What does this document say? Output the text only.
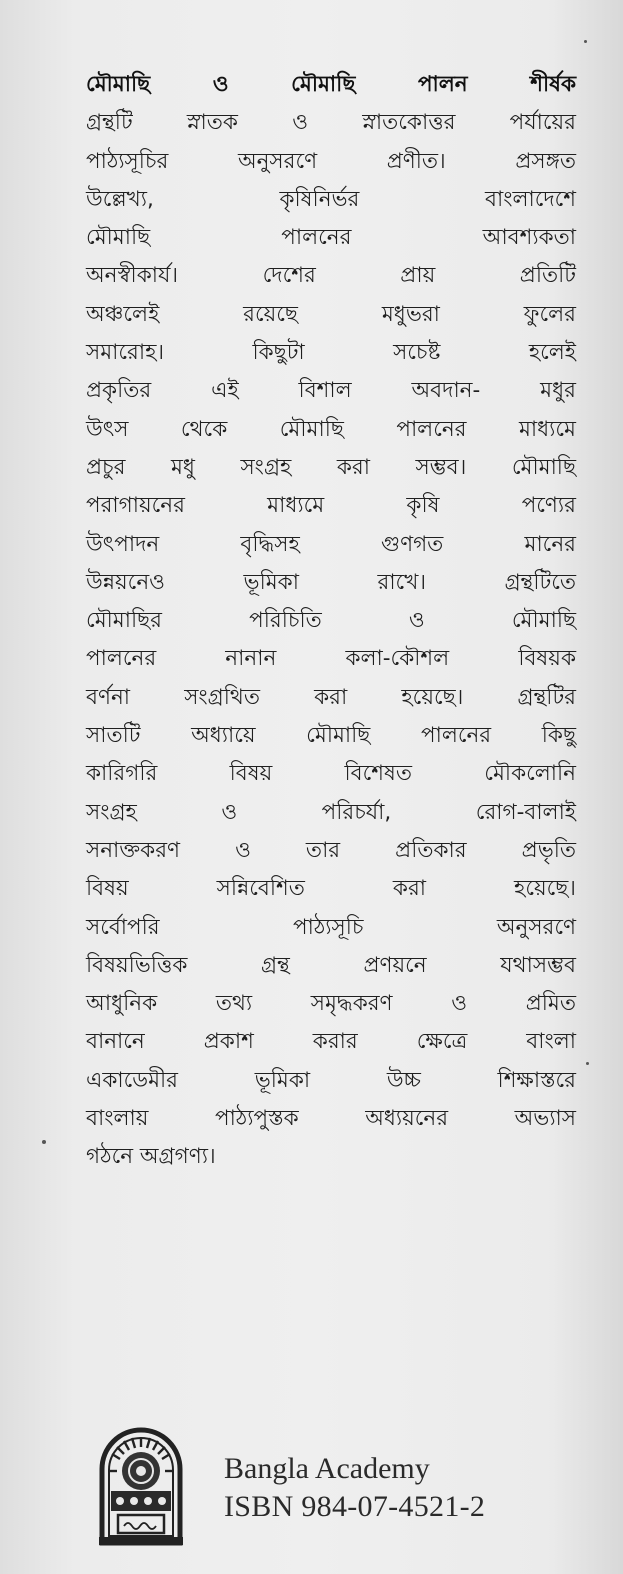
মৌমাছি ও মৌমাছি পালন শীর্ষক
গ্রন্থটি স্নাতক ও স্নাতকোত্তর পর্যায়ের
পাঠ্যসূচির অনুসরণে প্রণীত। প্রসঙ্গত
উল্লেখ্য, কৃষিনির্ভর বাংলাদেশে
মৌমাছি পালনের আবশ্যকতা
অনস্বীকার্য। দেশের প্রায় প্রতিটি
অঞ্চলেই রয়েছে মধুভরা ফুলের
সমারোহ। কিছুটা সচেষ্ট হলেই
প্রকৃতির এই বিশাল অবদান- মধুর
উৎস থেকে মৌমাছি পালনের মাধ্যমে
প্রচুর মধু সংগ্রহ করা সম্ভব। মৌমাছি
পরাগায়নের মাধ্যমে কৃষি পণ্যের
উৎপাদন বৃদ্ধিসহ গুণগত মানের
উন্নয়নেও ভূমিকা রাখে। গ্রন্থটিতে
মৌমাছির পরিচিতি ও মৌমাছি
পালনের নানান কলা-কৌশল বিষয়ক
বর্ণনা সংগ্রথিত করা হয়েছে। গ্রন্থটির
সাতটি অধ্যায়ে মৌমাছি পালনের কিছু
কারিগরি বিষয় বিশেষত মৌকলোনি
সংগ্রহ ও পরিচর্যা, রোগ-বালাই
সনাক্তকরণ ও তার প্রতিকার প্রভৃতি
বিষয় সন্নিবেশিত করা হয়েছে।
সর্বোপরি পাঠ্যসূচি অনুসরণে
বিষয়ভিত্তিক গ্রন্থ প্রণয়নে যথাসম্ভব
আধুনিক তথ্য সমৃদ্ধকরণ ও প্রমিত
বানানে প্রকাশ করার ক্ষেত্রে বাংলা
একাডেমীর ভূমিকা উচ্চ শিক্ষাস্তরে
বাংলায় পাঠ্যপুস্তক অধ্যয়নের অভ্যাস
গঠনে অগ্রগণ্য।
Bangla Academy
ISBN 984-07-4521-2
